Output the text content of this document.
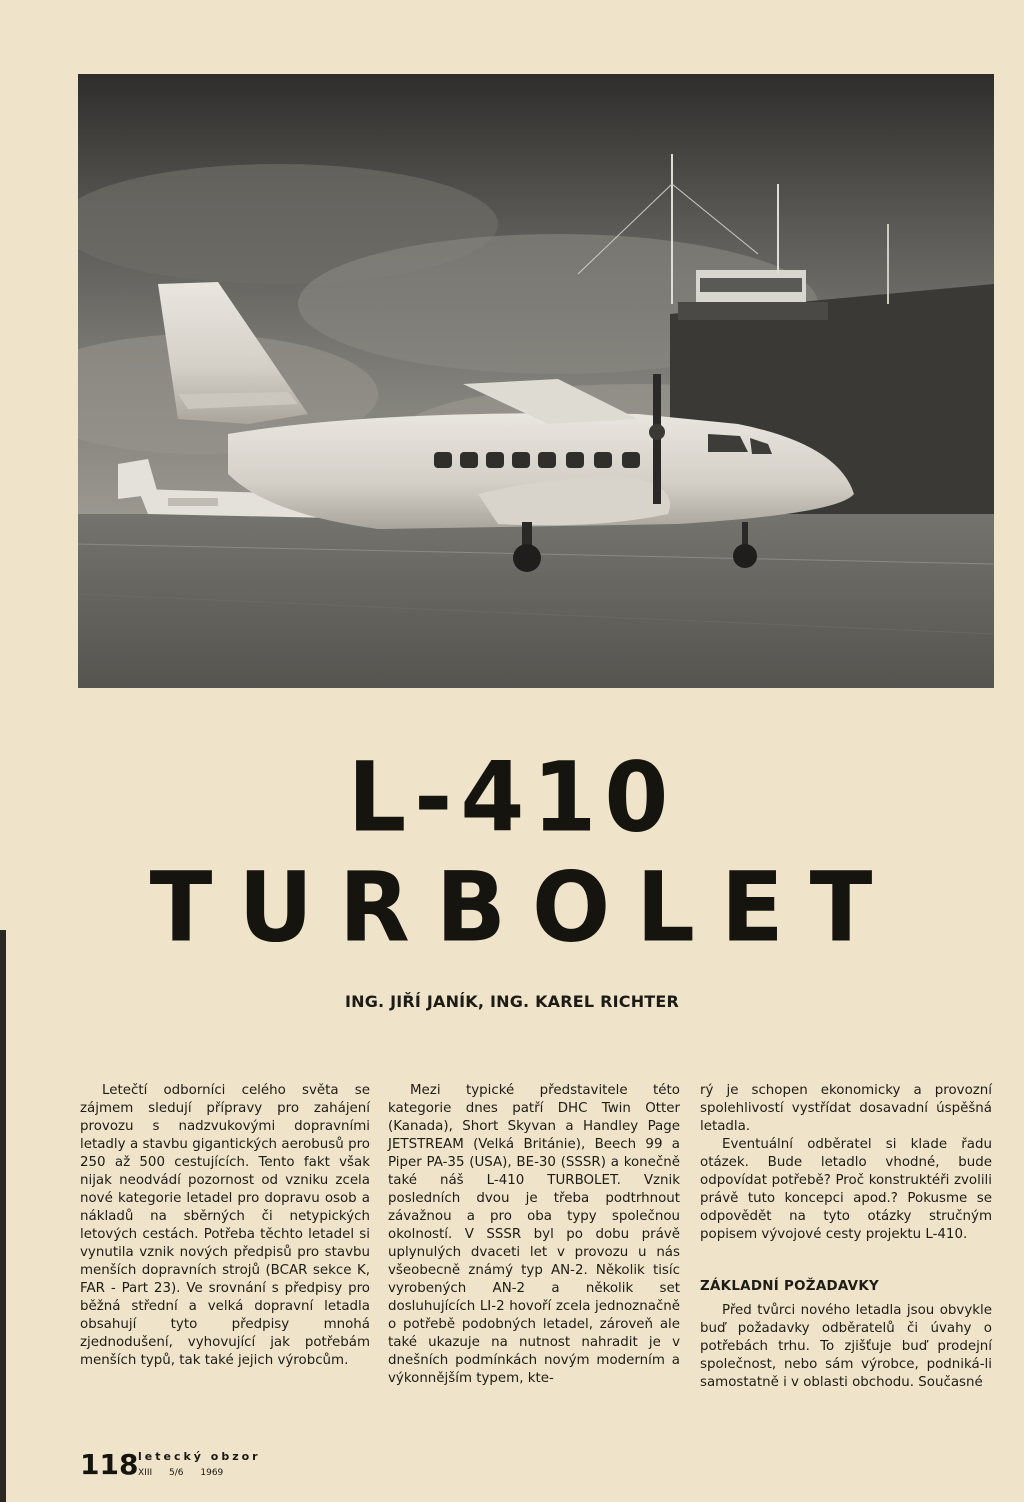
L-410
TURBOLET
ING. JIŘÍ JANÍK, ING. KAREL RICHTER

Letečtí odborníci celého světa se zájmem sledují přípravy pro zahájení provozu s nadzvukovými dopravními letadly a stavbu gigantických aerobusů pro 250 až 500 cestujících. Tento fakt však nijak neodvádí pozornost od vzniku zcela nové kategorie letadel pro dopravu osob a nákladů na sběrných či netypických letových cestách. Potřeba těchto letadel si vynutila vznik nových předpisů pro stavbu menších dopravních strojů (BCAR sekce K, FAR - Part 23). Ve srovnání s předpisy pro běžná střední a velká dopravní letadla obsahují tyto předpisy mnohá zjednodušení, vyhovující jak potřebám menších typů, tak také jejich výrobcům.

Mezi typické představitele této kategorie dnes patří DHC Twin Otter (Kanada), Short Skyvan a Handley Page JETSTREAM (Velká Británie), Beech 99 a Piper PA-35 (USA), BE-30 (SSSR) a konečně také náš L-410 TURBOLET. Vznik posledních dvou je třeba podtrhnout závažnou a pro oba typy společnou okolností. V SSSR byl po dobu právě uplynulých dvaceti let v provozu u nás všeobecně známý typ AN-2. Několik tisíc vyrobených AN-2 a několik set dosluhujících LI-2 hovoří zcela jednoznačně o potřebě podobných letadel, zároveň ale také ukazuje na nutnost nahradit je v dnešních podmínkách novým moderním a výkonnějším typem, kte-

rý je schopen ekonomicky a provozní spolehlivostí vystřídat dosavadní úspěšná letadla.

Eventuální odběratel si klade řadu otázek. Bude letadlo vhodné, bude odpovídat potřebě? Proč konstruktéři zvolili právě tuto koncepci apod.? Pokusme se odpovědět na tyto otázky stručným popisem vývojové cesty projektu L-410.

ZÁKLADNÍ POŽADAVKY

Před tvůrci nového letadla jsou obvykle buď požadavky odběratelů či úvahy o potřebách trhu. To zjišťuje buď prodejní společnost, nebo sám výrobce, podniká-li samostatně i v oblasti obchodu. Současné

118 letecký obzor
XIII 5/6 1969
